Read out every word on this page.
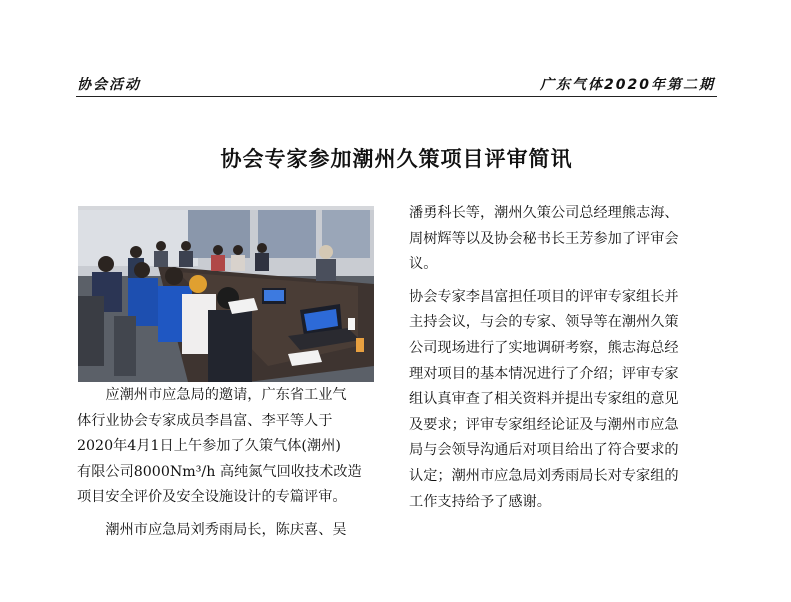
协会活动	广东气体2020年第二期
协会专家参加潮州久策项目评审简讯
　　应潮州市应急局的邀请，广东省工业气
体行业协会专家成员李昌富、李平等人于
2020年4月1日上午参加了久策气体(潮州)
有限公司8000Nm³/h 高纯氮气回收技术改造
项目安全评价及安全设施设计的专篇评审。
　　潮州市应急局刘秀雨局长，陈庆喜、吴
潘勇科长等，潮州久策公司总经理熊志海、
周树辉等以及协会秘书长王芳参加了评审会
议。
协会专家李昌富担任项目的评审专家组长并
主持会议，与会的专家、领导等在潮州久策
公司现场进行了实地调研考察，熊志海总经
理对项目的基本情况进行了介绍；评审专家
组认真审查了相关资料并提出专家组的意见
及要求；评审专家组经论证及与潮州市应急
局与会领导沟通后对项目给出了符合要求的
认定；潮州市应急局刘秀雨局长对专家组的
工作支持给予了感谢。
